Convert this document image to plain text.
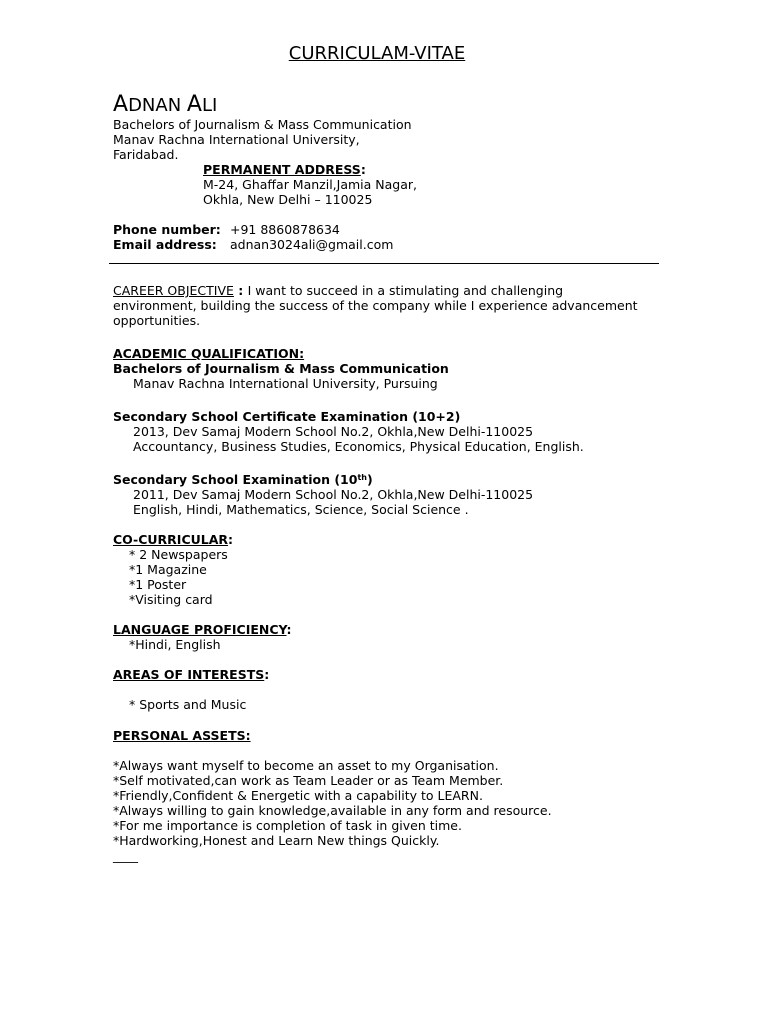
CURRICULAM-VITAE
ADNAN ALI
Bachelors of Journalism & Mass Communication
Manav Rachna International University,
Faridabad.
PERMANENT ADDRESS:
M-24, Ghaffar Manzil,Jamia Nagar,
Okhla, New Delhi – 110025
Phone number: +91 8860878634
Email address: adnan3024ali@gmail.com
CAREER OBJECTIVE : I want to succeed in a stimulating and challenging
environment, building the success of the company while I experience advancement
opportunities.
ACADEMIC QUALIFICATION:
Bachelors of Journalism & Mass Communication
Manav Rachna International University, Pursuing
Secondary School Certificate Examination (10+2)
2013, Dev Samaj Modern School No.2, Okhla,New Delhi-110025
Accountancy, Business Studies, Economics, Physical Education, English.
Secondary School Examination (10th)
2011, Dev Samaj Modern School No.2, Okhla,New Delhi-110025
English, Hindi, Mathematics, Science, Social Science .
CO-CURRICULAR:
* 2 Newspapers
*1 Magazine
*1 Poster
*Visiting card
LANGUAGE PROFICIENCY:
*Hindi, English
AREAS OF INTERESTS:
* Sports and Music
PERSONAL ASSETS:
*Always want myself to become an asset to my Organisation.
*Self motivated,can work as Team Leader or as Team Member.
*Friendly,Confident & Energetic with a capability to LEARN.
*Always willing to gain knowledge,available in any form and resource.
*For me importance is completion of task in given time.
*Hardworking,Honest and Learn New things Quickly.
____
